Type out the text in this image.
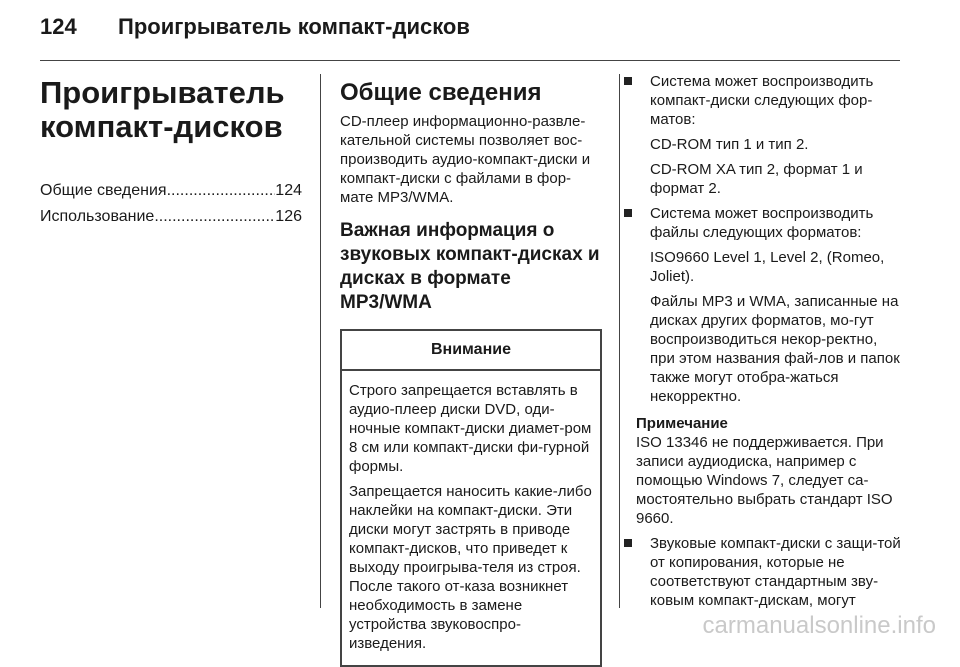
124 Проигрыватель компакт-дисков
Проигрыватель
компакт-дисков
Общие сведения .....	124
Использование .....	126
Общие сведения

CD-плеер информационно-развле-кательной системы позволяет вос-производить аудио-компакт-диски и компакт-диски с файлами в фор-мате MP3/WMA.

Важная информация о звуковых компакт-дисках и дисках в формате MP3/WMA
Внимание

Строго запрещается вставлять в аудио-плеер диски DVD, оди-ночные компакт-диски диамет-ром 8 см или компакт-диски фи-гурной формы.

Запрещается наносить какие-либо наклейки на компакт-диски. Эти диски могут застрять в приводе компакт-дисков, что приведет к выходу проигрыва-теля из строя. После такого от-каза возникнет необходимость в замене устройства звуковоспро-изведения.

Система может воспроизводить компакт-диски следующих фор-матов:
CD-ROM тип 1 и тип 2.
CD-ROM XA тип 2, формат 1 и формат 2.
Система может воспроизводить файлы следующих форматов:
ISO9660 Level 1, Level 2, (Romeo, Joliet).
Файлы MP3 и WMA, записанные на дисках других форматов, мо-гут воспроизводиться некор-ректно, при этом названия фай-лов и папок также могут отобра-жаться некорректно.
Примечание
ISO 13346 не поддерживается. При записи аудиодиска, например с помощью Windows 7, следует са-мостоятельно выбрать стандарт ISO 9660.
Звуковые компакт-диски с защи-той от копирования, которые не соответствуют стандартным зву-ковым компакт-дискам, могут
carmanualsonline.info
